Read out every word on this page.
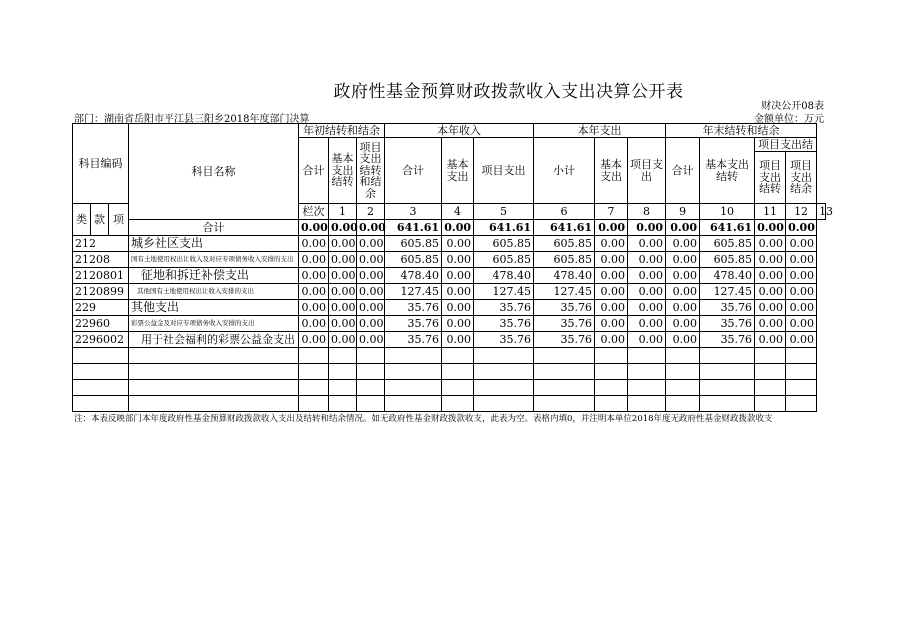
政府性基金预算财政拨款收入支出决算公开表
财决公开08表
部门：湖南省岳阳市平江县三阳乡2018年度部门决算	金额单位：万元
科目编码			科目名称	年初结转和结余			本年收入			本年支出			年末结转和结余				
				合计	基本支出结转	项目支出结转和结余	合计	基本支出	项目支出	小计	基本支出	项目支出	合计	基本支出结转	项目支出结		
															项目支出结转	项目支出结余	

类	款	项		栏次	1	2	3	4	5	6	7	8	9	10	11	12	13
			合计	0.00	0.00	0.00	641.61	0.00	641.61	641.61	0.00	0.00	0.00	641.61	0.00	0.00	
212			城乡社区支出	0.00	0.00	0.00	605.85	0.00	605.85	605.85	0.00	0.00	0.00	605.85	0.00	0.00	
21208			国有土地使用权出让收入及对应专项债务收入安排的支出	0.00	0.00	0.00	605.85	0.00	605.85	605.85	0.00	0.00	0.00	605.85	0.00	0.00	
2120801			征地和拆迁补偿支出	0.00	0.00	0.00	478.40	0.00	478.40	478.40	0.00	0.00	0.00	478.40	0.00	0.00	
2120899			其他国有土地使用权出让收入安排的支出	0.00	0.00	0.00	127.45	0.00	127.45	127.45	0.00	0.00	0.00	127.45	0.00	0.00	
229			其他支出	0.00	0.00	0.00	35.76	0.00	35.76	35.76	0.00	0.00	0.00	35.76	0.00	0.00	
22960			彩票公益金及对应专项债务收入安排的支出	0.00	0.00	0.00	35.76	0.00	35.76	35.76	0.00	0.00	0.00	35.76	0.00	0.00	
2296002			用于社会福利的彩票公益金支出	0.00	0.00	0.00	35.76	0.00	35.76	35.76	0.00	0.00	0.00	35.76	0.00	0.00	

注：本表反映部门本年度政府性基金预算财政拨款收入支出及结转和结余情况。如无政府性基金财政拨款收支，此表为空。表格内填0，并注明本单位2018年度无政府性基金财政拨款收支
